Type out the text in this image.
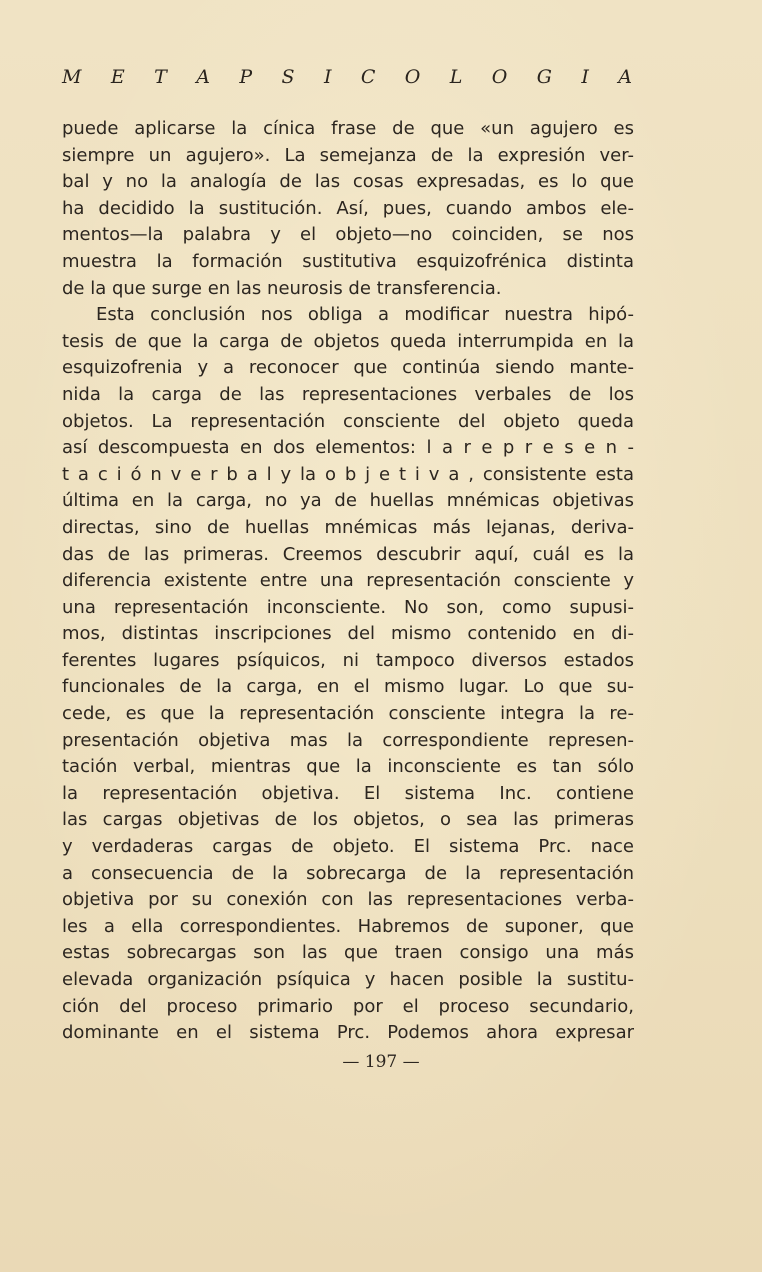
M E T A P S I C O L O G I A
puede aplicarse la cínica frase de que «un agujero es
siempre un agujero». La semejanza de la expresión ver-
bal y no la analogía de las cosas expresadas, es lo que
ha decidido la sustitución. Así, pues, cuando ambos ele-
mentos—la palabra y el objeto—no coinciden, se nos
muestra la formación sustitutiva esquizofrénica distinta
de la que surge en las neurosis de transferencia.
Esta conclusión nos obliga a modificar nuestra hipó-
tesis de que la carga de objetos queda interrumpida en la
esquizofrenia y a reconocer que continúa siendo mante-
nida la carga de las representaciones verbales de los
objetos. La representación consciente del objeto queda
así descompuesta en dos elementos: l a r e p r e s e n -
t a c i ó n v e r b a l y la o b j e t i v a , consistente esta
última en la carga, no ya de huellas mnémicas objetivas
directas, sino de huellas mnémicas más lejanas, deriva-
das de las primeras. Creemos descubrir aquí, cuál es la
diferencia existente entre una representación consciente y
una representación inconsciente. No son, como supusi-
mos, distintas inscripciones del mismo contenido en di-
ferentes lugares psíquicos, ni tampoco diversos estados
funcionales de la carga, en el mismo lugar. Lo que su-
cede, es que la representación consciente integra la re-
presentación objetiva mas la correspondiente represen-
tación verbal, mientras que la inconsciente es tan sólo
la representación objetiva. El sistema Inc. contiene
las cargas objetivas de los objetos, o sea las primeras
y verdaderas cargas de objeto. El sistema Prc. nace
a consecuencia de la sobrecarga de la representación
objetiva por su conexión con las representaciones verba-
les a ella correspondientes. Habremos de suponer, que
estas sobrecargas son las que traen consigo una más
elevada organización psíquica y hacen posible la sustitu-
ción del proceso primario por el proceso secundario,
dominante en el sistema Prc. Podemos ahora expresar
— 197 —
